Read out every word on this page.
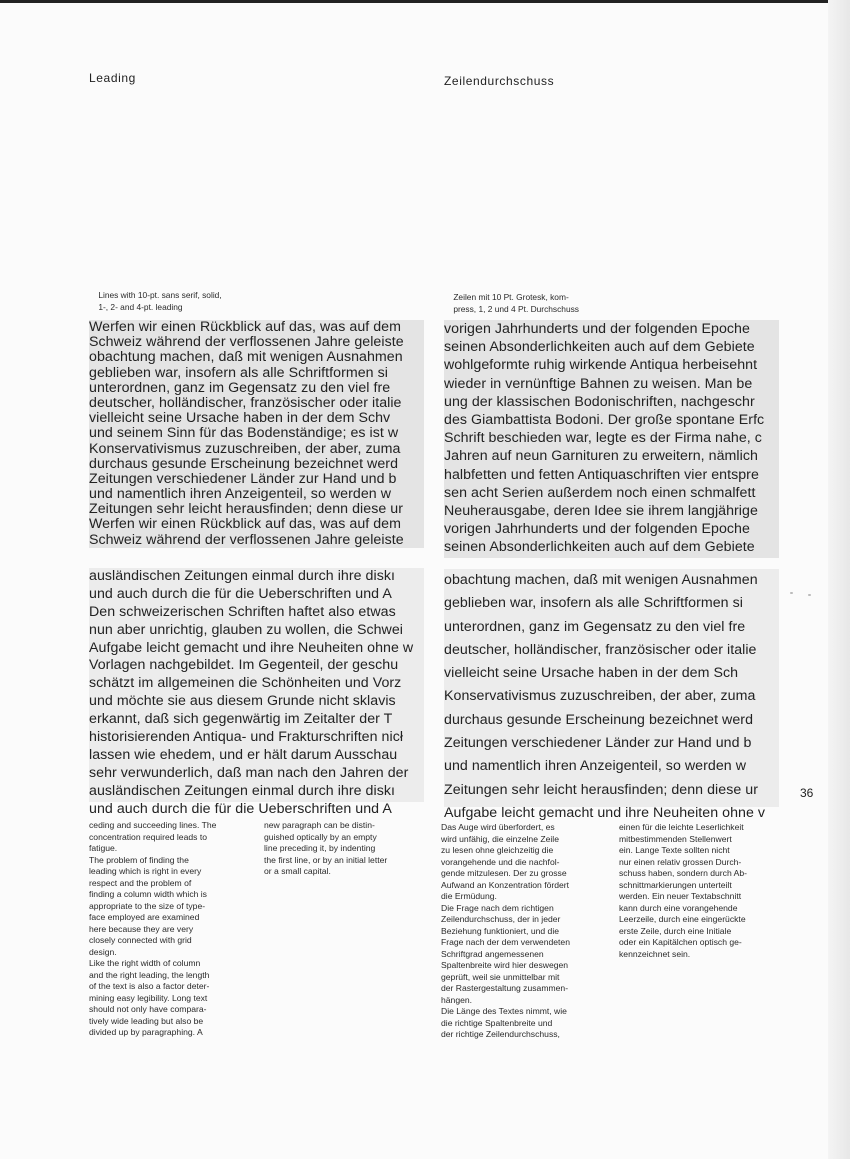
Leading	Zeilendurchschuss

Lines with 10-pt. sans serif, solid,
1-, 2- and 4-pt. leading

Zeilen mit 10 Pt. Grotesk, kom-
press, 1, 2 und 4 Pt. Durchschuss

Werfen wir einen Rückblick auf das, was auf dem
Schweiz während der verflossenen Jahre geleiste
obachtung machen, daß mit wenigen Ausnahmen
geblieben war, insofern als alle Schriftformen si
unterordnen, ganz im Gegensatz zu den viel fre
deutscher, holländischer, französischer oder italie
vielleicht seine Ursache haben in der dem Schv
und seinem Sinn für das Bodenständige; es ist w
Konservativismus zuzuschreiben, der aber, zuma
durchaus gesunde Erscheinung bezeichnet werd
Zeitungen verschiedener Länder zur Hand und b
und namentlich ihren Anzeigenteil, so werden w
Zeitungen sehr leicht herausfinden; denn diese ur
Werfen wir einen Rückblick auf das, was auf dem
Schweiz während der verflossenen Jahre geleiste
vorigen Jahrhunderts und der folgenden Epoche
seinen Absonderlichkeiten auch auf dem Gebiete
wohlgeformte ruhig wirkende Antiqua herbeisehnt
wieder in vernünftige Bahnen zu weisen. Man be
ung der klassischen Bodonischriften, nachgeschr
des Giambattista Bodoni. Der große spontane Erfc
Schrift beschieden war, legte es der Firma nahe, c
Jahren auf neun Garnituren zu erweitern, nämlich
halbfetten und fetten Antiquaschriften vier entspre
sen acht Serien außerdem noch einen schmalfett
Neuherausgabe, deren Idee sie ihrem langjährige
vorigen Jahrhunderts und der folgenden Epoche
seinen Absonderlichkeiten auch auf dem Gebiete
ausländischen Zeitungen einmal durch ihre diskı
und auch durch die für die Ueberschriften und A
Den schweizerischen Schriften haftet also etwas
nun aber unrichtig, glauben zu wollen, die Schwei
Aufgabe leicht gemacht und ihre Neuheiten ohne w
Vorlagen nachgebildet. Im Gegenteil, der geschu
schätzt im allgemeinen die Schönheiten und Vorz
und möchte sie aus diesem Grunde nicht sklavis
erkannt, daß sich gegenwärtig im Zeitalter der T
historisierenden Antiqua- und Frakturschriften nicł
lassen wie ehedem, und er hält darum Ausschau
sehr verwunderlich, daß man nach den Jahren der
ausländischen Zeitungen einmal durch ihre diskı
und auch durch die für die Ueberschriften und A
obachtung machen, daß mit wenigen Ausnahmen
geblieben war, insofern als alle Schriftformen si
unterordnen, ganz im Gegensatz zu den viel fre
deutscher, holländischer, französischer oder italie
vielleicht seine Ursache haben in der dem Sch
Konservativismus zuzuschreiben, der aber, zuma
durchaus gesunde Erscheinung bezeichnet werd
Zeitungen verschiedener Länder zur Hand und b
und namentlich ihren Anzeigenteil, so werden w
Zeitungen sehr leicht herausfinden; denn diese ur
Aufgabe leicht gemacht und ihre Neuheiten ohne v
36
ceding and succeeding lines. The
concentration required leads to
fatigue.
The problem of finding the
leading which is right in every
respect and the problem of
finding a column width which is
appropriate to the size of type-
face employed are examined
here because they are very
closely connected with grid
design.
Like the right width of column
and the right leading, the length
of the text is also a factor deter-
mining easy legibility. Long text
should not only have compara-
tively wide leading but also be
divided up by paragraphing. A
new paragraph can be distin-
guished optically by an empty
line preceding it, by indenting
the first line, or by an initial letter
or a small capital.
Das Auge wird überfordert, es
wird unfähig, die einzelne Zeile
zu lesen ohne gleichzeitig die
vorangehende und die nachfol-
gende mitzulesen. Der zu grosse
Aufwand an Konzentration fördert
die Ermüdung.
Die Frage nach dem richtigen
Zeilendurchschuss, der in jeder
Beziehung funktioniert, und die
Frage nach der dem verwendeten
Schriftgrad angemessenen
Spaltenbreite wird hier deswegen
geprüft, weil sie unmittelbar mit
der Rastergestaltung zusammen-
hängen.
Die Länge des Textes nimmt, wie
die richtige Spaltenbreite und
der richtige Zeilendurchschuss,
einen für die leichte Leserlichkeit
mitbestimmenden Stellenwert
ein. Lange Texte sollten nicht
nur einen relativ grossen Durch-
schuss haben, sondern durch Ab-
schnittmarkierungen unterteilt
werden. Ein neuer Textabschnitt
kann durch eine vorangehende
Leerzeile, durch eine eingerückte
erste Zeile, durch eine Initiale
oder ein Kapitälchen optisch ge-
kennzeichnet sein.
